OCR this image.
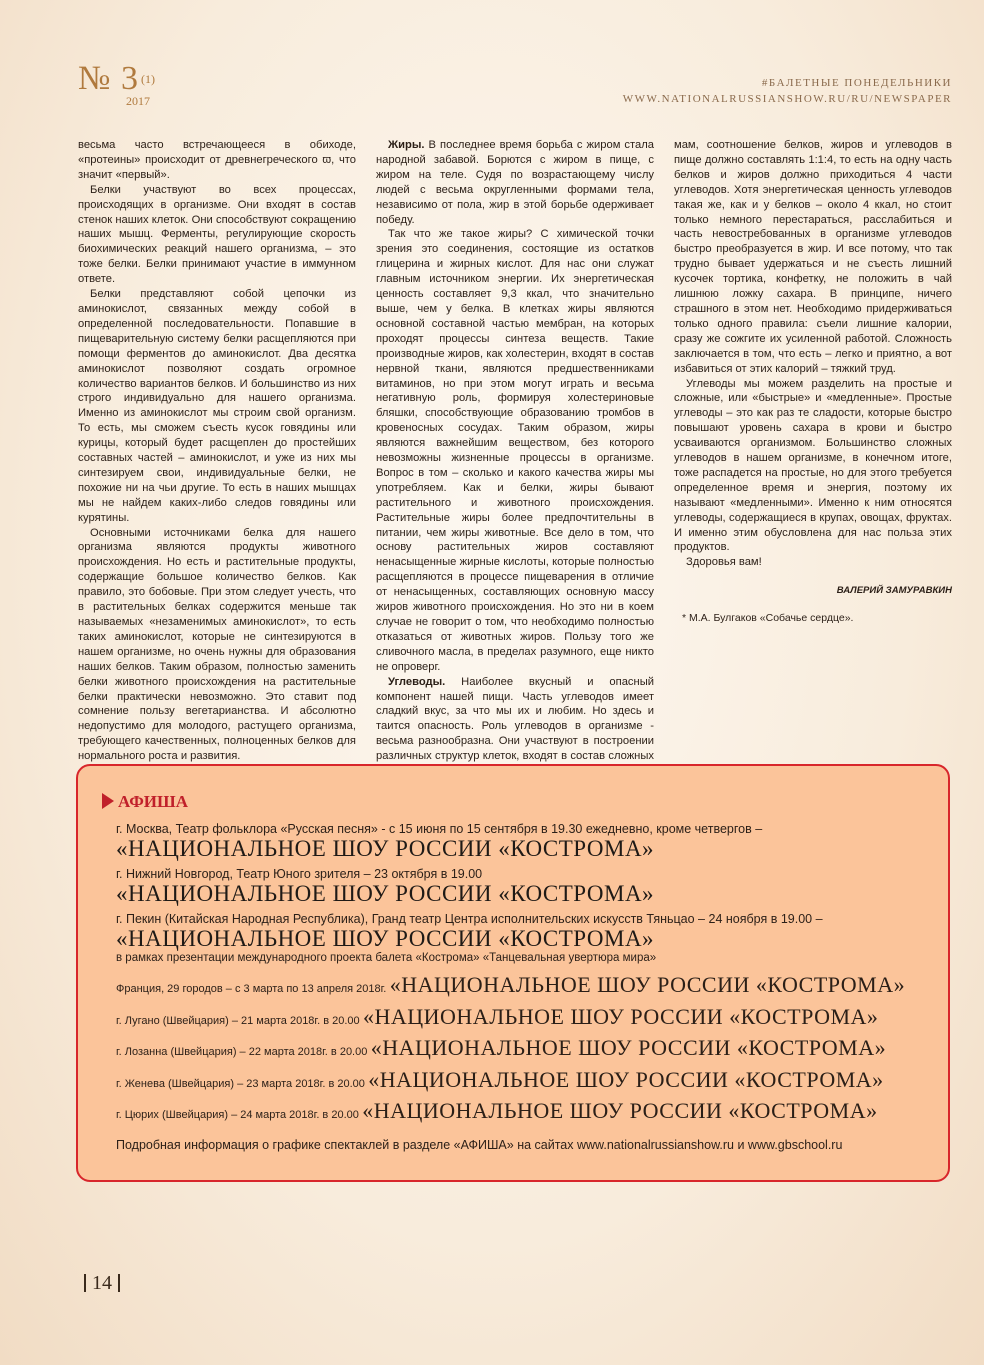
№ 3 $^{(1)}$
2017
#БАЛЕТНЫЕ ПОНЕДЕЛЬНИКИ
WWW.NATIONALRUSSIANSHOW.RU/RU/NEWSPAPER

весьма часто встречающееся в обиходе, «протеины» происходит от древнегреческого ϖ, что значит «первый».

Белки участвуют во всех процессах, происходящих в организме. Они входят в состав стенок наших клеток. Они способствуют сокращению наших мышц. Ферменты, регулирующие скорость биохимических реакций нашего организма, – это тоже белки. Белки принимают участие в иммунном ответе.

Белки представляют собой цепочки из аминокислот, связанных между собой в определенной последовательности. Попавшие в пищеварительную систему белки расщепляются при помощи ферментов до аминокислот. Два десятка аминокислот позволяют создать огромное количество вариантов белков. И большинство из них строго индивидуально для нашего организма. Именно из аминокислот мы строим свой организм. То есть, мы сможем съесть кусок говядины или курицы, который будет расщеплен до простейших составных частей – аминокислот, и уже из них мы синтезируем свои, индивидуальные белки, не похожие ни на чьи другие. То есть в наших мышцах мы не найдем каких-либо следов говядины или курятины.

Основными источниками белка для нашего организма являются продукты животного происхождения. Но есть и растительные продукты, содержащие большое количество белков. Как правило, это бобовые. При этом следует учесть, что в растительных белках содержится меньше так называемых «незаменимых аминокислот», то есть таких аминокислот, которые не синтезируются в нашем организме, но очень нужны для образования наших белков. Таким образом, полностью заменить белки животного происхождения на растительные белки практически невозможно. Это ставит под сомнение пользу вегетарианства. И абсолютно недопустимо для молодого, растущего организма, требующего качественных, полноценных белков для нормального роста и развития.

Жиры. В последнее время борьба с жиром стала народной забавой. Борются с жиром в пище, с жиром на теле. Судя по возрастающему числу людей с весьма округленными формами тела, независимо от пола, жир в этой борьбе одерживает победу.

Так что же такое жиры? С химической точки зрения это соединения, состоящие из остатков глицерина и жирных кислот. Для нас они служат главным источником энергии. Их энергетическая ценность составляет 9,3 ккал, что значительно выше, чем у белка. В клетках жиры являются основной составной частью мембран, на которых проходят процессы синтеза веществ. Такие производные жиров, как холестерин, входят в состав нервной ткани, являются предшественниками витаминов, но при этом могут играть и весьма негативную роль, формируя холестериновые бляшки, способствующие образованию тромбов в кровеносных сосудах. Таким образом, жиры являются важнейшим веществом, без которого невозможны жизненные процессы в организме. Вопрос в том – сколько и какого качества жиры мы употребляем. Как и белки, жиры бывают растительного и животного происхождения. Растительные жиры более предпочтительны в питании, чем жиры животные. Все дело в том, что основу растительных жиров составляют ненасыщенные жирные кислоты, которые полностью расщепляются в процессе пищеварения в отличие от ненасыщенных, составляющих основную массу жиров животного происхождения. Но это ни в коем случае не говорит о том, что необходимо полностью отказаться от животных жиров. Пользу того же сливочного масла, в пределах разумного, еще никто не опроверг.

Углеводы. Наиболее вкусный и опасный компонент нашей пищи. Часть углеводов имеет сладкий вкус, за что мы их и любим. Но здесь и таится опасность. Роль углеводов в организме - весьма разнообразна. Они участвуют в построении различных структур клеток, входят в состав сложных

мам, соотношение белков, жиров и углеводов в пище должно составлять 1:1:4, то есть на одну часть белков и жиров должно приходиться 4 части углеводов. Хотя энергетическая ценность углеводов такая же, как и у белков – около 4 ккал, но стоит только немного перестараться, расслабиться и часть невостребованных в организме углеводов быстро преобразуется в жир. И все потому, что так трудно бывает удержаться и не съесть лишний кусочек тортика, конфетку, не положить в чай лишнюю ложку сахара. В принципе, ничего страшного в этом нет. Необходимо придерживаться только одного правила: съели лишние калории, сразу же сожгите их усиленной работой. Сложность заключается в том, что есть – легко и приятно, а вот избавиться от этих калорий – тяжкий труд.

Углеводы мы можем разделить на простые и сложные, или «быстрые» и «медленные». Простые углеводы – это как раз те сладости, которые быстро повышают уровень сахара в крови и быстро усваиваются организмом. Большинство сложных углеводов в нашем организме, в конечном итоге, тоже распадется на простые, но для этого требуется определенное время и энергия, поэтому их называют «медленными». Именно к ним относятся углеводы, содержащиеся в крупах, овощах, фруктах. И именно этим обусловлена для нас польза этих продуктов.

Здоровья вам!

ВАЛЕРИЙ ЗАМУРАВКИН
* М.А. Булгаков «Собачье сердце».
АФИША
г. Москва, Театр фольклора «Русская песня» - с 15 июня по 15 сентября в 19.30 ежедневно, кроме четвергов –
«НАЦИОНАЛЬНОЕ ШОУ РОССИИ «КОСТРОМА»
г. Нижний Новгород, Театр Юного зрителя – 23 октября в 19.00
«НАЦИОНАЛЬНОЕ ШОУ РОССИИ «КОСТРОМА»
г. Пекин (Китайская Народная Республика), Гранд театр Центра исполнительских искусств Тяньцао – 24 ноября в 19.00 –
«НАЦИОНАЛЬНОЕ ШОУ РОССИИ «КОСТРОМА»
в рамках презентации международного проекта балета «Кострома» «Танцевальная увертюра мира»
Франция, 29 городов – с 3 марта по 13 апреля 2018г. «НАЦИОНАЛЬНОЕ ШОУ РОССИИ «КОСТРОМА»
г. Лугано (Швейцария) – 21 марта 2018г. в 20.00 «НАЦИОНАЛЬНОЕ ШОУ РОССИИ «КОСТРОМА»
г. Лозанна (Швейцария) – 22 марта 2018г. в 20.00 «НАЦИОНАЛЬНОЕ ШОУ РОССИИ «КОСТРОМА»
г. Женева (Швейцария) – 23 марта 2018г. в 20.00 «НАЦИОНАЛЬНОЕ ШОУ РОССИИ «КОСТРОМА»
г. Цюрих (Швейцария) – 24 марта 2018г. в 20.00 «НАЦИОНАЛЬНОЕ ШОУ РОССИИ «КОСТРОМА»
Подробная информация о графике спектаклей в разделе «АФИША» на сайтах www.nationalrussianshow.ru и www.gbschool.ru
14
